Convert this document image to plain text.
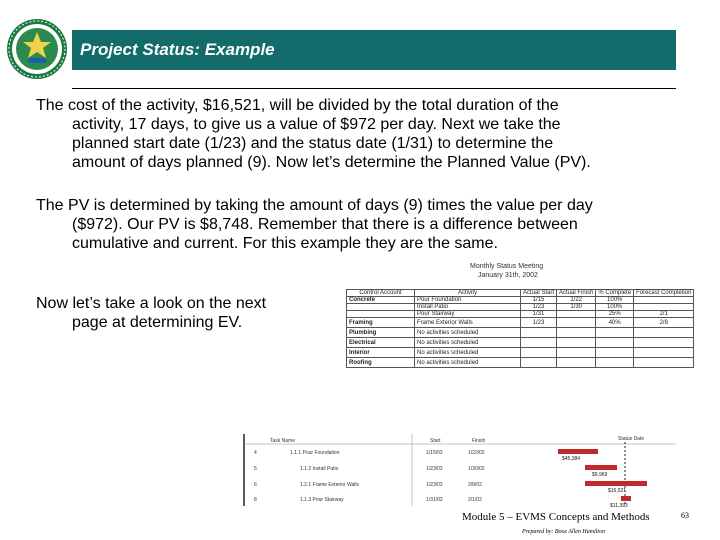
Project Status: Example
The cost of the activity, $16,521, will be divided by the total duration of the
activity, 17 days, to give us a value of $972 per day. Next we take the
planned start date (1/23) and the status date (1/31) to determine the
amount of days planned (9). Now let’s determine the Planned Value (PV).
The PV is determined by taking the amount of days (9) times the value per day
($972). Our PV is $8,748. Remember that there is a difference between
cumulative and current. For this example they are the same.
Now let’s take a look on the next
page at determining EV.
Monthly Status Meeting
January 31th, 2002
Control Account	Activity	Actual Start	Actual Finish	% Complete	Forecast Completion
Concrete	Pour Foundation	1/15	1/22	100%	
	Install Patio	1/23	1/30	100%	
	Pour Stairway	1/31		25%	2/1
Framing	Frame Exterior Walls	1/23		40%	2/8
Plumbing	No activities scheduled				
Electrical	No activities scheduled				
Interior	No activities scheduled				
Roofing	No activities scheduled				
Task Name	Start	Finish	Status Date
4	1.1.1 Pour Foundation	1/15/02	1/22/02
$45,384
5	1.1.2 Install Patio	1/23/02	1/30/02
$9,969
6	1.2.1 Frame Exterior Walls	1/23/02	2/8/02
$16,521
8	1.1.3 Pour Stairway	1/31/02	2/1/02
$11,393
Module 5 – EVMS Concepts and Methods	63
Prepared by: Booz Allen Hamilton
